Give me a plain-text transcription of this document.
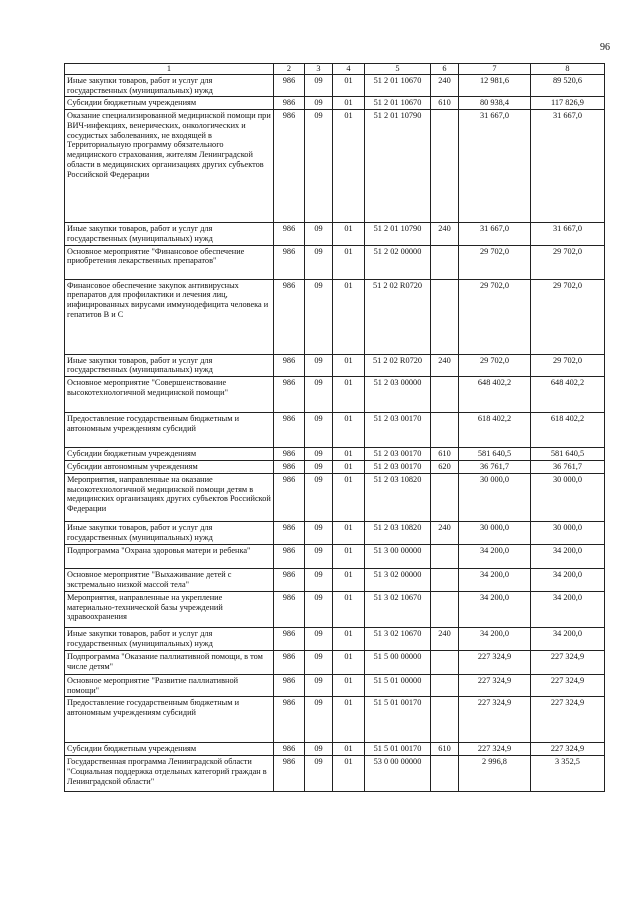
96
1	2	3	4	5	6	7	8
Иные закупки товаров, работ и услуг для государственных (муниципальных) нужд	986	09	01	51 2 01 10670	240	12 981,6	89 520,6
Субсидии бюджетным учреждениям	986	09	01	51 2 01 10670	610	80 938,4	117 826,9
Оказание специализированной медицинской помощи при ВИЧ-инфекциях, венерических, онкологических и сосудистых заболеваниях, не входящей в Территориальную программу обязательного медицинского страхования, жителям Ленинградской области в медицинских организациях других субъектов Российской Федерации	986	09	01	51 2 01 10790		31 667,0	31 667,0
Иные закупки товаров, работ и услуг для государственных (муниципальных) нужд	986	09	01	51 2 01 10790	240	31 667,0	31 667,0
Основное мероприятие "Финансовое обеспечение приобретения лекарственных препаратов"	986	09	01	51 2 02 00000		29 702,0	29 702,0
Финансовое обеспечение закупок антивирусных препаратов для профилактики и лечения лиц, инфицированных вирусами иммунодефицита человека и гепатитов В и С	986	09	01	51 2 02 R0720		29 702,0	29 702,0
Иные закупки товаров, работ и услуг для государственных (муниципальных) нужд	986	09	01	51 2 02 R0720	240	29 702,0	29 702,0
Основное мероприятие "Совершенствование высокотехнологичной медицинской помощи"	986	09	01	51 2 03 00000		648 402,2	648 402,2
Предоставление государственным бюджетным и автономным учреждениям субсидий	986	09	01	51 2 03 00170		618 402,2	618 402,2
Субсидии бюджетным учреждениям	986	09	01	51 2 03 00170	610	581 640,5	581 640,5
Субсидии автономным учреждениям	986	09	01	51 2 03 00170	620	36 761,7	36 761,7
Мероприятия, направленные на оказание высокотехнологичной медицинской помощи детям в медицинских организациях других субъектов Российской Федерации	986	09	01	51 2 03 10820		30 000,0	30 000,0
Иные закупки товаров, работ и услуг для государственных (муниципальных) нужд	986	09	01	51 2 03 10820	240	30 000,0	30 000,0
Подпрограмма "Охрана здоровья матери и ребенка"	986	09	01	51 3 00 00000		34 200,0	34 200,0
Основное мероприятие "Выхаживание детей с экстремально низкой массой тела"	986	09	01	51 3 02 00000		34 200,0	34 200,0
Мероприятия, направленные на укрепление материально-технической базы учреждений здравоохранения	986	09	01	51 3 02 10670		34 200,0	34 200,0
Иные закупки товаров, работ и услуг для государственных (муниципальных) нужд	986	09	01	51 3 02 10670	240	34 200,0	34 200,0
Подпрограмма "Оказание паллиативной помощи, в том числе детям"	986	09	01	51 5 00 00000		227 324,9	227 324,9
Основное мероприятие "Развитие паллиативной помощи"	986	09	01	51 5 01 00000		227 324,9	227 324,9
Предоставление государственным бюджетным и автономным учреждениям субсидий	986	09	01	51 5 01 00170		227 324,9	227 324,9
Субсидии бюджетным учреждениям	986	09	01	51 5 01 00170	610	227 324,9	227 324,9
Государственная программа Ленинградской области "Социальная поддержка отдельных категорий граждан в Ленинградской области"	986	09	01	53 0 00 00000		2 996,8	3 352,5
